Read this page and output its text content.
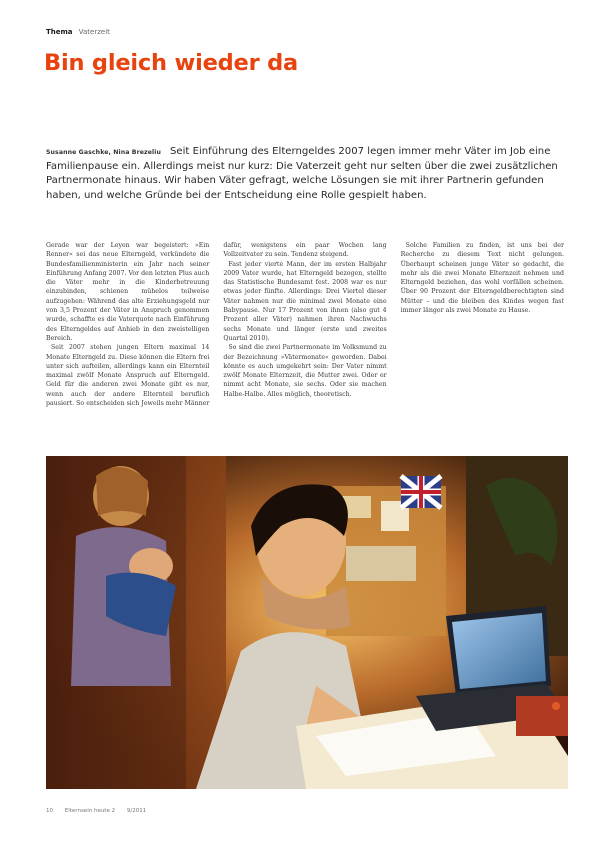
Thema Vaterzeit
Bin gleich wieder da

Susanne Gaschke, Nina Brezeliu Seit Einführung des Elterngeldes 2007 legen immer mehr Väter im Job eine Familienpause ein. Allerdings meist nur kurz: Die Vaterzeit geht nur selten über die zwei zusätzlichen Partnermonate hinaus. Wir haben Väter gefragt, welche Lösungen sie mit ihrer Partnerin gefunden haben, und welche Gründe bei der Entscheidung eine Rolle gespielt haben.

Gerade war der Leyen war begeistert: »Ein Renner« sei das neue Elterngeld, verkündete die Bundesfamilienministerin ein Jahr nach seiner Einführung Anfang 2007. Vor den letzten Plus auch die Väter mehr in die Kinderbetreuung einzubinden, schienen mühelos teilweise aufzugehen: Während das alte Erziehungsgeld nur von 3,5 Prozent der Väter in Anspruch genommen wurde, schaffte es die Vaterquote nach Einführung des Elterngeldes auf Anhieb in den zweistelligen Bereich.

Seit 2007 stehen jungen Eltern maximal 14 Monate Elterngeld zu. Diese können die Eltern frei unter sich aufteilen, allerdings kann ein Elternteil maximal zwölf Monate Anspruch auf Elterngeld. Geld für die anderen zwei Monate gibt es nur, wenn auch der andere Elternteil beruflich pausiert. So entscheiden sich Jeweils mehr Männer dafür, wenigstens ein paar Wochen lang Vollzeitvater zu sein. Tendenz steigend.

Fast jeder vierte Mann, der im ersten Halbjahr 2009 Vater wurde, hat Elterngeld bezogen, stellte das Statistische Bundesamt fest. 2008 war es nur etwas jeder fünfte. Allerdings: Drei Viertel dieser Väter nahmen nur die minimal zwei Monate eine Babypause. Nur 17 Prozent von ihnen (also gut 4 Prozent aller Väter) nahmen ihren Nachwuchs sechs Monate und länger (erste und zweites Quartal 2010).

So sind die zwei Partnermonate im Volksmund zu der Bezeichnung »Vätermonate« geworden. Dabei könnte es auch umgekehrt sein: Der Vater nimmt zwölf Monate Elternzeit, die Mutter zwei. Oder er nimmt acht Monate, sie sechs. Oder sie machen Halbe-Halbe. Alles möglich, theoretisch.

Solche Familien zu finden, ist uns bei der Recherche zu diesem Text nicht gelungen. Überhaupt scheinen junge Väter so gedacht, die mehr als die zwei Monate Elternzeit nehmen und Elterngeld beziehen, das wohl vorfällen scheinen. Über 90 Prozent der Elterngeldberechtigten sind Mütter – und die bleiben des Kindes wegen fast immer länger als zwei Monate zu Hause.

10 Elternsein heute 2 9/2011
